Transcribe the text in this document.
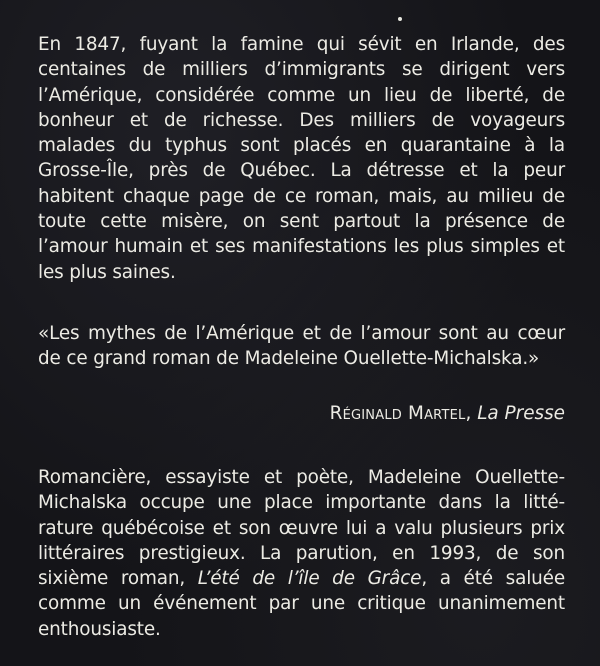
En 1847, fuyant la famine qui sévit en Irlande, des centaines de milliers d’immigrants se dirigent vers l’Amérique, considérée comme un lieu de liberté, de bonheur et de richesse. Des milliers de voyageurs malades du typhus sont placés en quarantaine à la Grosse-Île, près de Québec. La détresse et la peur habitent chaque page de ce roman, mais, au milieu de toute cette misère, on sent partout la présence de l’amour humain et ses manifestations les plus simples et les plus saines.

«Les mythes de l’Amérique et de l’amour sont au cœur de ce grand roman de Madeleine Ouellette-Michalska.»

Réginald Martel, La Presse

Romancière, essayiste et poète, Madeleine Ouellette-Michalska occupe une place importante dans la litté-rature québécoise et son œuvre lui a valu plusieurs prix littéraires prestigieux. La parution, en 1993, de son sixième roman, L’été de l’île de Grâce, a été saluée comme un événement par une critique unanimement enthousiaste.
